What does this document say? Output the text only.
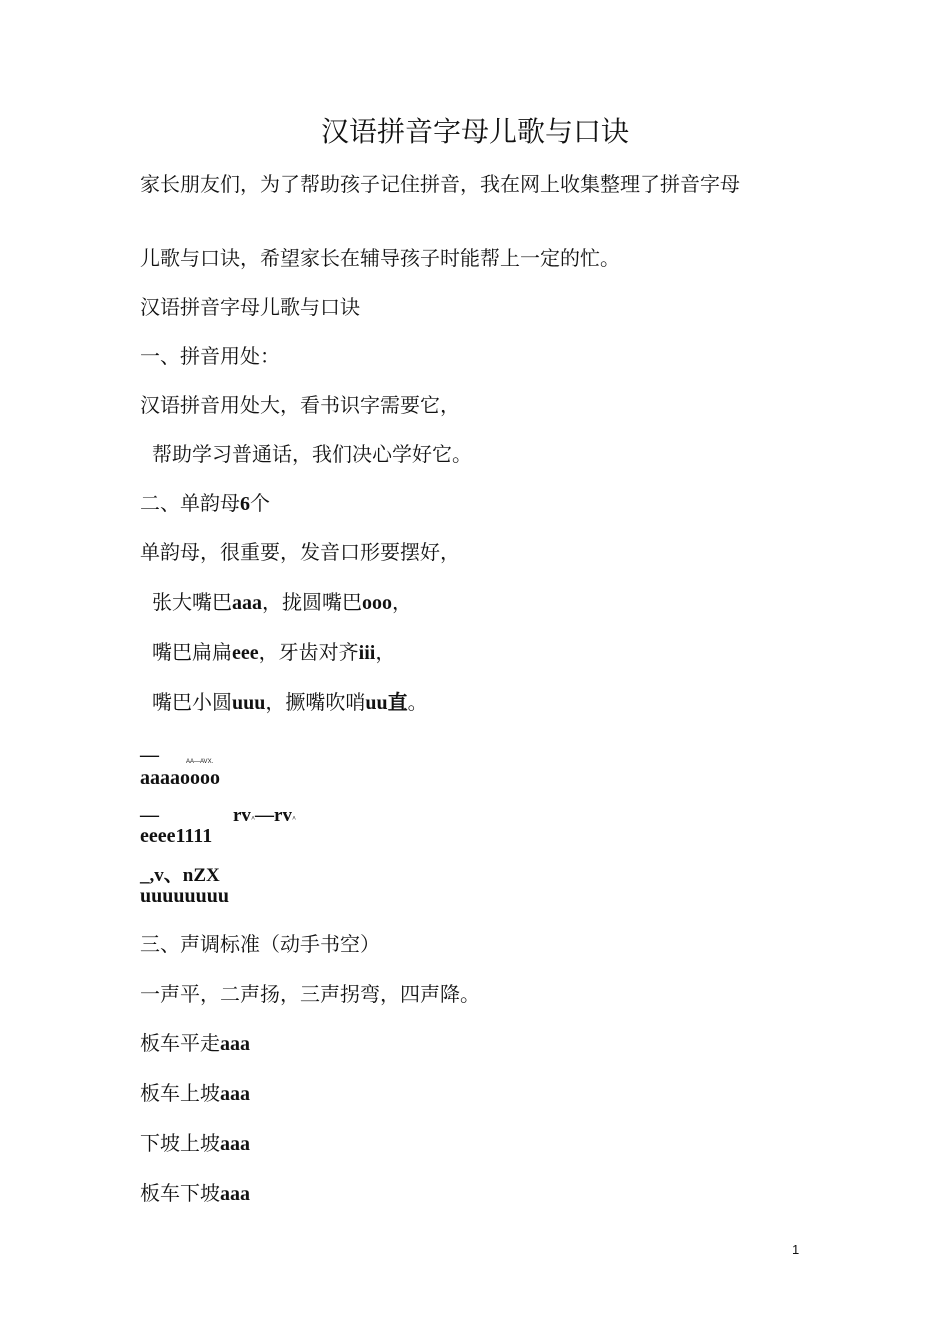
汉语拼音字母儿歌与口诀
家长朋友们，为了帮助孩子记住拼音，我在网上收集整理了拼音字母
儿歌与口诀，希望家长在辅导孩子时能帮上一定的忙。
汉语拼音字母儿歌与口诀
一、拼音用处：
汉语拼音用处大，看书识字需要它，
帮助学习普通话，我们决心学好它。
二、单韵母6个
单韵母，很重要，发音口形要摆好，
张大嘴巴aaa，拢圆嘴巴ooo，
嘴巴扁扁eee，牙齿对齐iii，
嘴巴小圆uuu，撅嘴吹哨uu直。
—	AA—AVX.
aaaaoooo
—	rv^—rv^
eeee1111
_,v、nZX
uuuuuuuu
三、声调标准（动手书空）
一声平，二声扬，三声拐弯，四声降。
板车平走aaa
板车上坡aaa
下坡上坡aaa
板车下坡aaa
1
